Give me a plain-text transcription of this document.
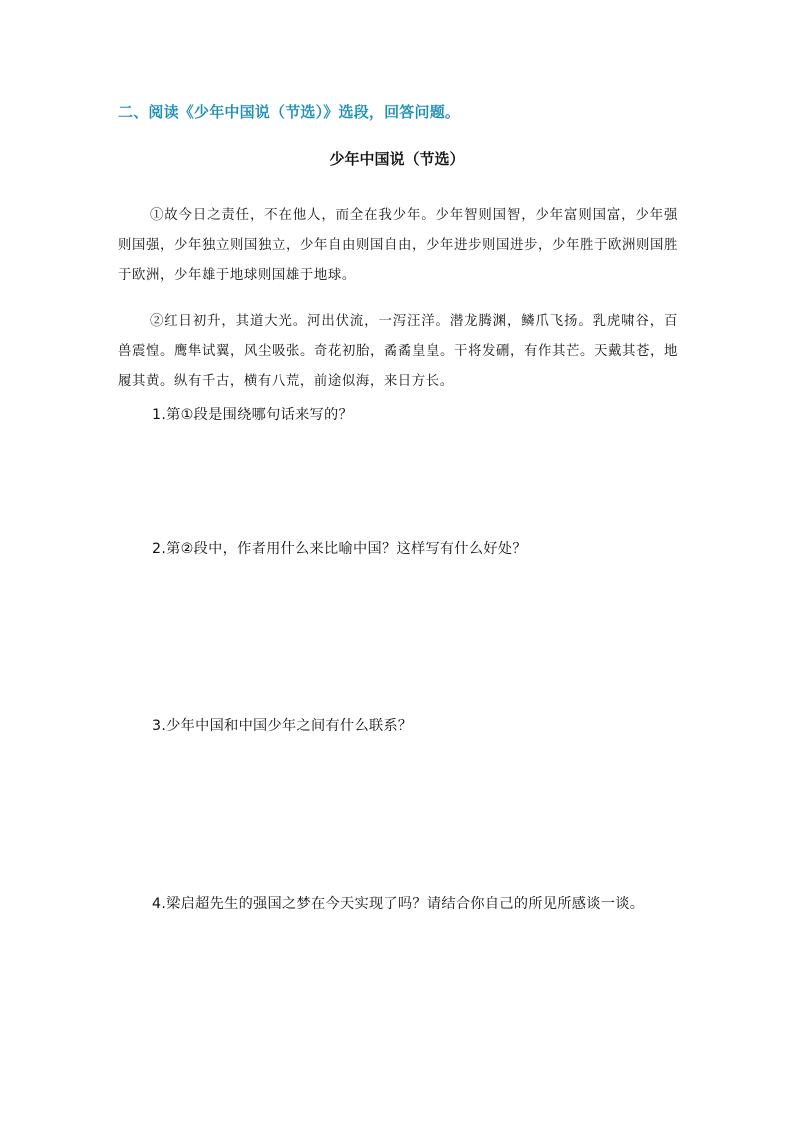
二、阅读《少年中国说（节选）》选段，回答问题。
少年中国说（节选）

①故今日之责任，不在他人，而全在我少年。少年智则国智，少年富则国富，少年强则国强，少年独立则国独立，少年自由则国自由，少年进步则国进步，少年胜于欧洲则国胜于欧洲，少年雄于地球则国雄于地球。

②红日初升，其道大光。河出伏流，一泻汪洋。潜龙腾渊，鳞爪飞扬。乳虎啸谷，百兽震惶。鹰隼试翼，风尘吸张。奇花初胎，矞矞皇皇。干将发硎，有作其芒。天戴其苍，地履其黄。纵有千古，横有八荒，前途似海，来日方长。

1.第①段是围绕哪句话来写的？
2.第②段中，作者用什么来比喻中国？这样写有什么好处？
3.少年中国和中国少年之间有什么联系？
4.梁启超先生的强国之梦在今天实现了吗？请结合你自己的所见所感谈一谈。
